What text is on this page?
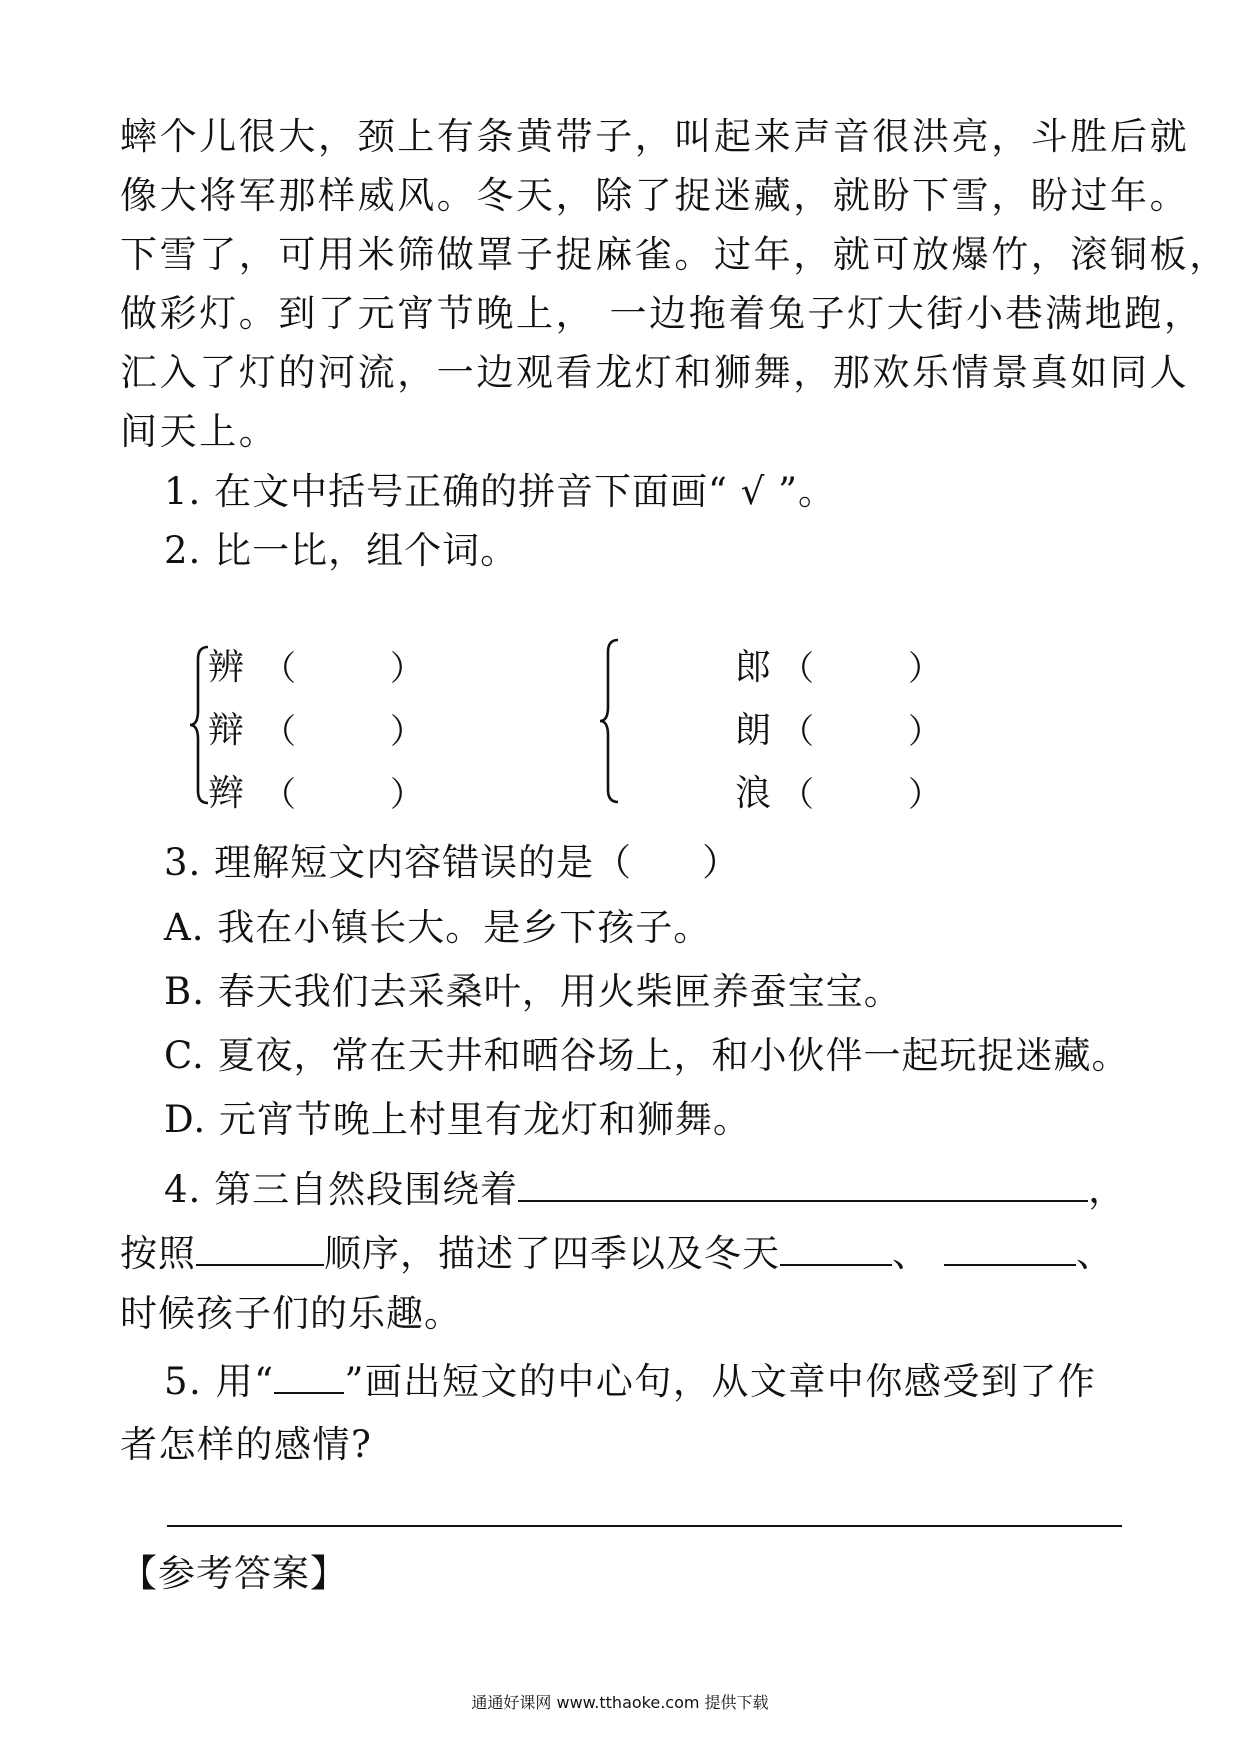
蟀个儿很大，颈上有条黄带子，叫起来声音很洪亮，斗胜后就
像大将军那样威风。冬天，除了捉迷藏，就盼下雪，盼过年。
下雪了，可用米筛做罩子捉麻雀。过年，就可放爆竹，滚铜板，
做彩灯。到了元宵节晚上， 一边拖着兔子灯大街小巷满地跑，
汇入了灯的河流，一边观看龙灯和狮舞，那欢乐情景真如同人
间天上。
1. 在文中括号正确的拼音下面画“ √ ”。
2. 比一比，组个词。
辨 （	）
辩 （	）
辫 （	）
郎 （	）
朗 （	）
浪 （	）
3. 理解短文内容错误的是（ ）
A. 我在小镇长大。是乡下孩子。
B. 春天我们去采桑叶，用火柴匣养蚕宝宝。
C. 夏夜，常在天井和晒谷场上，和小伙伴一起玩捉迷藏。
D. 元宵节晚上村里有龙灯和狮舞。
4. 第三自然段围绕着	，
按照	顺序，描述了四季以及冬天	、	、
时候孩子们的乐趣。
5. 用“ ”画出短文的中心句，从文章中你感受到了作
者怎样的感情?
【参考答案】
通通好课网 www.tthaoke.com 提供下载
